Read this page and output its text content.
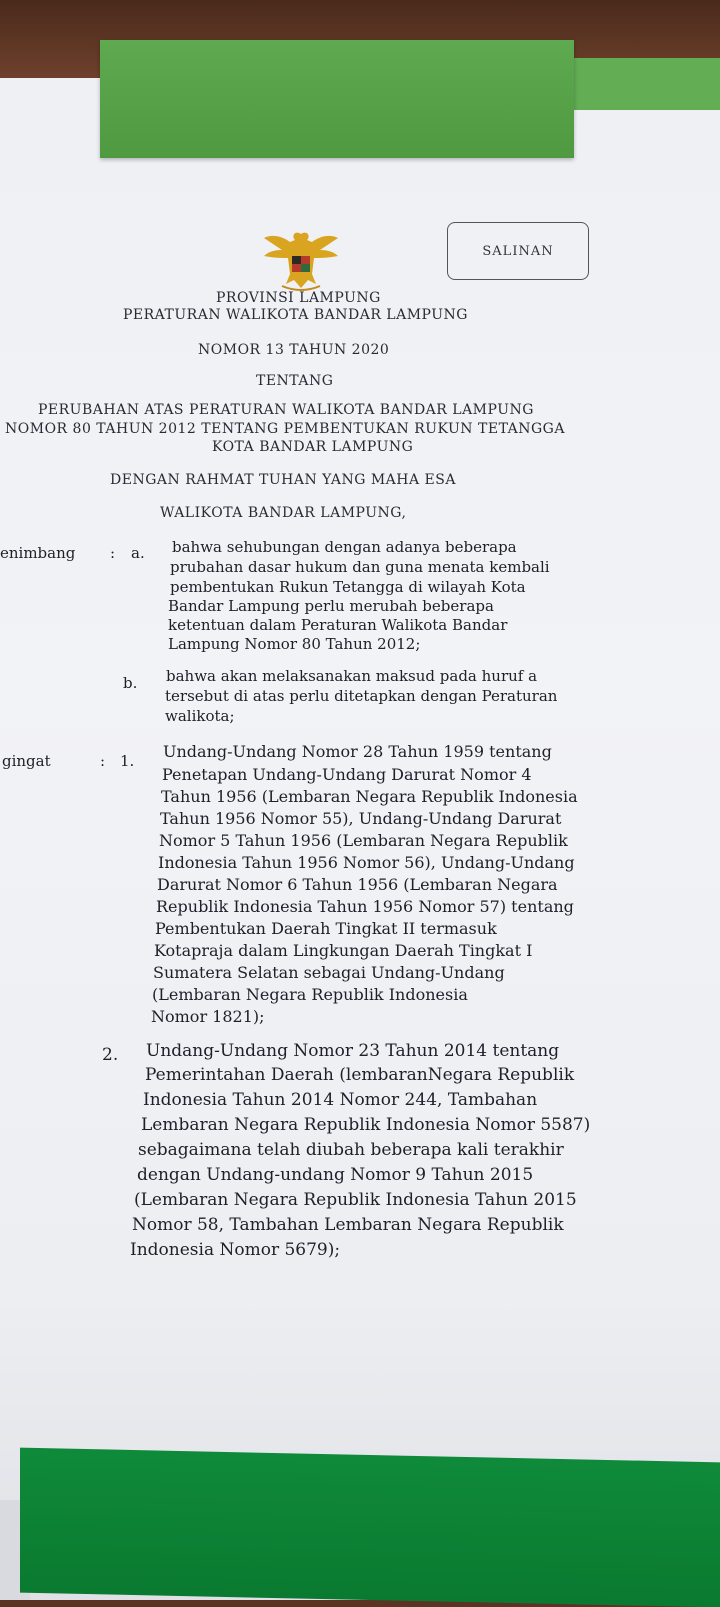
SALINAN
PROVINSI LAMPUNG
PERATURAN WALIKOTA BANDAR LAMPUNG
NOMOR 13 TAHUN 2020
TENTANG
PERUBAHAN ATAS PERATURAN WALIKOTA BANDAR LAMPUNG
NOMOR 80 TAHUN 2012 TENTANG PEMBENTUKAN RUKUN TETANGGA
KOTA BANDAR LAMPUNG
DENGAN RAHMAT TUHAN YANG MAHA ESA
WALIKOTA BANDAR LAMPUNG,
enimbang : a. bahwa sehubungan dengan adanya beberapa
prubahan dasar hukum dan guna menata kembali
pembentukan Rukun Tetangga di wilayah Kota
Bandar Lampung perlu merubah beberapa
ketentuan dalam Peraturan Walikota Bandar
Lampung Nomor 80 Tahun 2012;
b. bahwa akan melaksanakan maksud pada huruf a
tersebut di atas perlu ditetapkan dengan Peraturan
walikota;
gingat	: 1. Undang-Undang Nomor 28 Tahun 1959 tentang
Penetapan Undang-Undang Darurat Nomor 4
Tahun 1956 (Lembaran Negara Republik Indonesia
Tahun 1956 Nomor 55), Undang-Undang Darurat
Nomor 5 Tahun 1956 (Lembaran Negara Republik
Indonesia Tahun 1956 Nomor 56), Undang-Undang
Darurat Nomor 6 Tahun 1956 (Lembaran Negara
Republik Indonesia Tahun 1956 Nomor 57) tentang
Pembentukan Daerah Tingkat II termasuk
Kotapraja dalam Lingkungan Daerah Tingkat I
Sumatera Selatan sebagai Undang-Undang
(Lembaran Negara Republik Indonesia
Nomor 1821);
2. Undang-Undang Nomor 23 Tahun 2014 tentang
Pemerintahan Daerah (lembaranNegara Republik
Indonesia Tahun 2014 Nomor 244, Tambahan
Lembaran Negara Republik Indonesia Nomor 5587)
sebagaimana telah diubah beberapa kali terakhir
dengan Undang-undang Nomor 9 Tahun 2015
(Lembaran Negara Republik Indonesia Tahun 2015
Nomor 58, Tambahan Lembaran Negara Republik
Indonesia Nomor 5679);
